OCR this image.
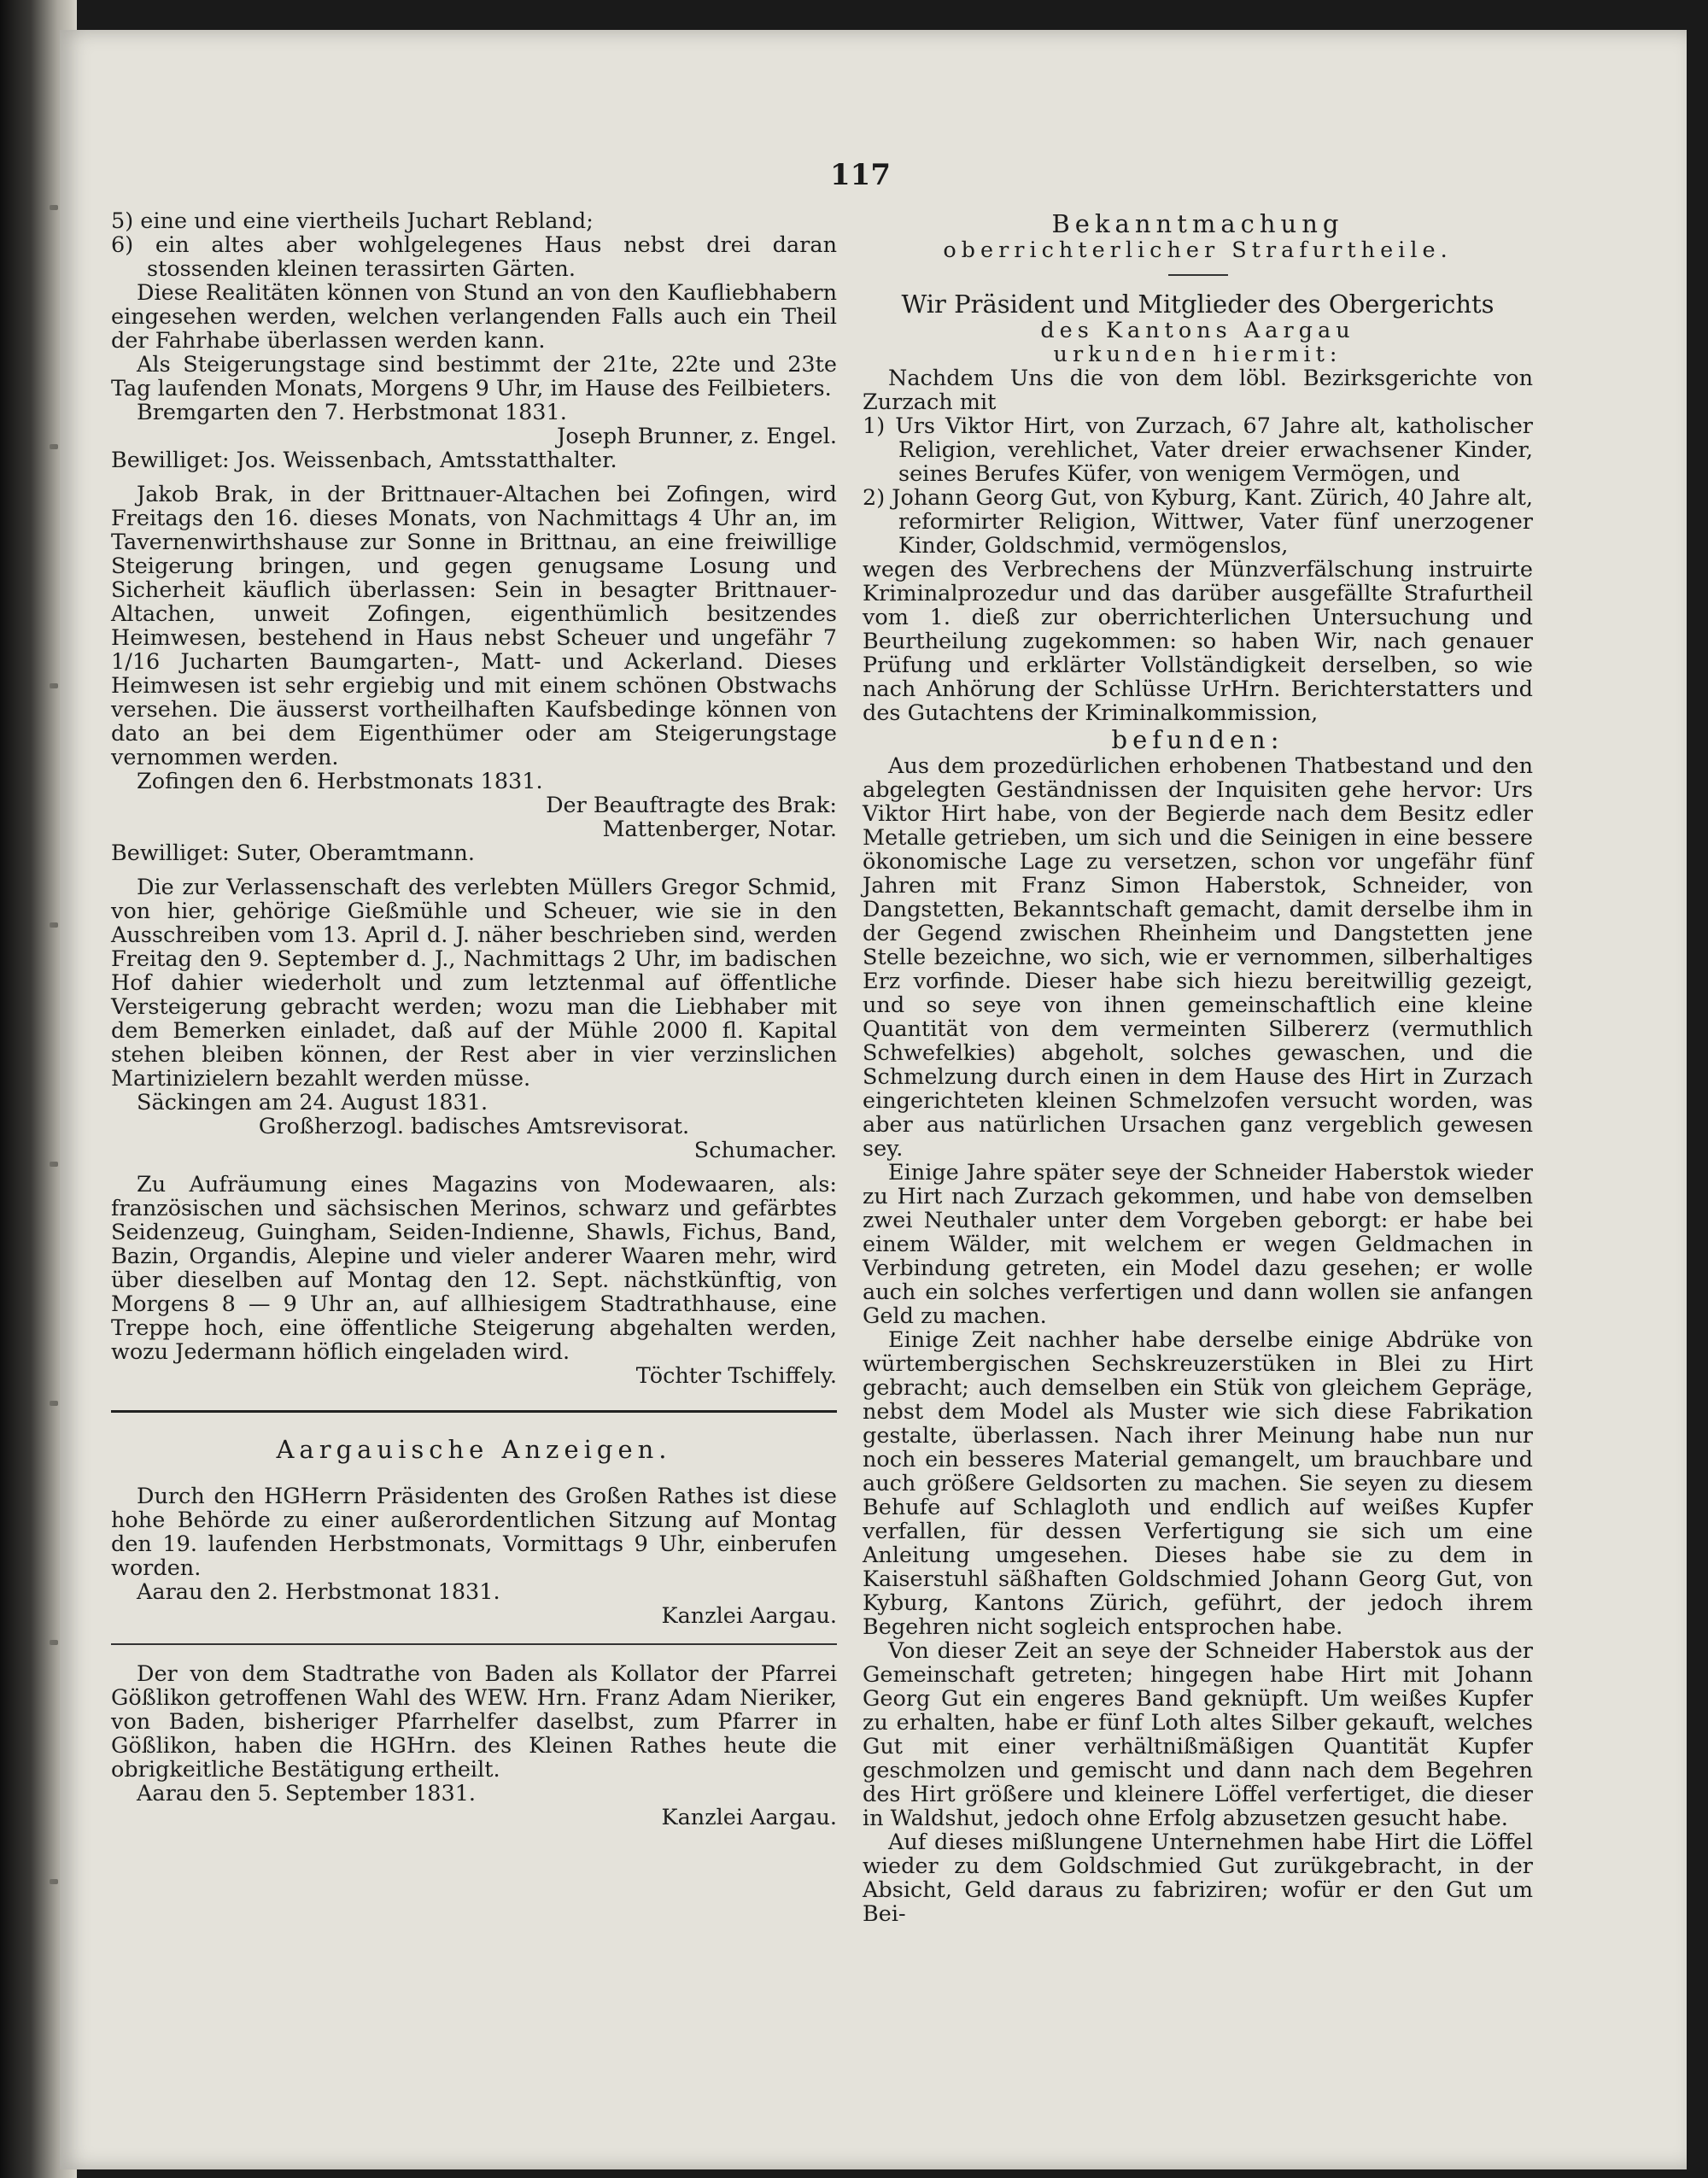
117

5) eine und eine viertheils Juchart Rebland;

6) ein altes aber wohlgelegenes Haus nebst drei daran stossenden kleinen terassirten Gärten.

Diese Realitäten können von Stund an von den Kaufliebhabern eingesehen werden, welchen verlangenden Falls auch ein Theil der Fahrhabe überlassen werden kann.

Als Steigerungstage sind bestimmt der 21te, 22te und 23te Tag laufenden Monats, Morgens 9 Uhr, im Hause des Feilbieters.

Bremgarten den 7. Herbstmonat 1831.

Joseph Brunner, z. Engel.

Bewilliget: Jos. Weissenbach, Amtsstatthalter.

Jakob Brak, in der Brittnauer-Altachen bei Zofingen, wird Freitags den 16. dieses Monats, von Nachmittags 4 Uhr an, im Tavernenwirthshause zur Sonne in Brittnau, an eine freiwillige Steigerung bringen, und gegen genugsame Losung und Sicherheit käuflich überlassen: Sein in besagter Brittnauer-Altachen, unweit Zofingen, eigenthümlich besitzendes Heimwesen, bestehend in Haus nebst Scheuer und ungefähr 7 1/16 Jucharten Baumgarten-, Matt- und Ackerland. Dieses Heimwesen ist sehr ergiebig und mit einem schönen Obstwachs versehen. Die äusserst vortheilhaften Kaufsbedinge können von dato an bei dem Eigenthümer oder am Steigerungstage vernommen werden.

Zofingen den 6. Herbstmonats 1831.

Der Beauftragte des Brak:

Mattenberger, Notar.

Bewilliget: Suter, Oberamtmann.

Die zur Verlassenschaft des verlebten Müllers Gregor Schmid, von hier, gehörige Gießmühle und Scheuer, wie sie in den Ausschreiben vom 13. April d. J. näher beschrieben sind, werden Freitag den 9. September d. J., Nachmittags 2 Uhr, im badischen Hof dahier wiederholt und zum letztenmal auf öffentliche Versteigerung gebracht werden; wozu man die Liebhaber mit dem Bemerken einladet, daß auf der Mühle 2000 fl. Kapital stehen bleiben können, der Rest aber in vier verzinslichen Martinizielern bezahlt werden müsse.

Säckingen am 24. August 1831.

Großherzogl. badisches Amtsrevisorat.

Schumacher.

Zu Aufräumung eines Magazins von Modewaaren, als: französischen und sächsischen Merinos, schwarz und gefärbtes Seidenzeug, Guingham, Seiden-Indienne, Shawls, Fichus, Band, Bazin, Organdis, Alepine und vieler anderer Waaren mehr, wird über dieselben auf Montag den 12. Sept. nächstkünftig, von Morgens 8 — 9 Uhr an, auf allhiesigem Stadtrathhause, eine Treppe hoch, eine öffentliche Steigerung abgehalten werden, wozu Jedermann höflich eingeladen wird.

Töchter Tschiffely.

Aargauische Anzeigen.

Durch den HGHerrn Präsidenten des Großen Rathes ist diese hohe Behörde zu einer außerordentlichen Sitzung auf Montag den 19. laufenden Herbstmonats, Vormittags 9 Uhr, einberufen worden.

Aarau den 2. Herbstmonat 1831.

Kanzlei Aargau.

Der von dem Stadtrathe von Baden als Kollator der Pfarrei Gößlikon getroffenen Wahl des WEW. Hrn. Franz Adam Nieriker, von Baden, bisheriger Pfarrhelfer daselbst, zum Pfarrer in Gößlikon, haben die HGHrn. des Kleinen Rathes heute die obrigkeitliche Bestätigung ertheilt.

Aarau den 5. September 1831.

Kanzlei Aargau.

Bekanntmachung

oberrichterlicher Strafurtheile.

Wir Präsident und Mitglieder des Obergerichts

des Kantons Aargau

urkunden hiermit:

Nachdem Uns die von dem löbl. Bezirksgerichte von Zurzach mit

1) Urs Viktor Hirt, von Zurzach, 67 Jahre alt, katholischer Religion, verehlichet, Vater dreier erwachsener Kinder, seines Berufes Küfer, von wenigem Vermögen, und

2) Johann Georg Gut, von Kyburg, Kant. Zürich, 40 Jahre alt, reformirter Religion, Wittwer, Vater fünf unerzogener Kinder, Goldschmid, vermögenslos,

wegen des Verbrechens der Münzverfälschung instruirte Kriminalprozedur und das darüber ausgefällte Strafurtheil vom 1. dieß zur oberrichterlichen Untersuchung und Beurtheilung zugekommen: so haben Wir, nach genauer Prüfung und erklärter Vollständigkeit derselben, so wie nach Anhörung der Schlüsse UrHrn. Berichterstatters und des Gutachtens der Kriminalkommission,

befunden:

Aus dem prozedürlichen erhobenen Thatbestand und den abgelegten Geständnissen der Inquisiten gehe hervor: Urs Viktor Hirt habe, von der Begierde nach dem Besitz edler Metalle getrieben, um sich und die Seinigen in eine bessere ökonomische Lage zu versetzen, schon vor ungefähr fünf Jahren mit Franz Simon Haberstok, Schneider, von Dangstetten, Bekanntschaft gemacht, damit derselbe ihm in der Gegend zwischen Rheinheim und Dangstetten jene Stelle bezeichne, wo sich, wie er vernommen, silberhaltiges Erz vorfinde. Dieser habe sich hiezu bereitwillig gezeigt, und so seye von ihnen gemeinschaftlich eine kleine Quantität von dem vermeinten Silbererz (vermuthlich Schwefelkies) abgeholt, solches gewaschen, und die Schmelzung durch einen in dem Hause des Hirt in Zurzach eingerichteten kleinen Schmelzofen versucht worden, was aber aus natürlichen Ursachen ganz vergeblich gewesen sey.

Einige Jahre später seye der Schneider Haberstok wieder zu Hirt nach Zurzach gekommen, und habe von demselben zwei Neuthaler unter dem Vorgeben geborgt: er habe bei einem Wälder, mit welchem er wegen Geldmachen in Verbindung getreten, ein Model dazu gesehen; er wolle auch ein solches verfertigen und dann wollen sie anfangen Geld zu machen.

Einige Zeit nachher habe derselbe einige Abdrüke von würtembergischen Sechskreuzerstüken in Blei zu Hirt gebracht; auch demselben ein Stük von gleichem Gepräge, nebst dem Model als Muster wie sich diese Fabrikation gestalte, überlassen. Nach ihrer Meinung habe nun nur noch ein besseres Material gemangelt, um brauchbare und auch größere Geldsorten zu machen. Sie seyen zu diesem Behufe auf Schlagloth und endlich auf weißes Kupfer verfallen, für dessen Verfertigung sie sich um eine Anleitung umgesehen. Dieses habe sie zu dem in Kaiserstuhl säßhaften Goldschmied Johann Georg Gut, von Kyburg, Kantons Zürich, geführt, der jedoch ihrem Begehren nicht sogleich entsprochen habe.

Von dieser Zeit an seye der Schneider Haberstok aus der Gemeinschaft getreten; hingegen habe Hirt mit Johann Georg Gut ein engeres Band geknüpft. Um weißes Kupfer zu erhalten, habe er fünf Loth altes Silber gekauft, welches Gut mit einer verhältnißmäßigen Quantität Kupfer geschmolzen und gemischt und dann nach dem Begehren des Hirt größere und kleinere Löffel verfertiget, die dieser in Waldshut, jedoch ohne Erfolg abzusetzen gesucht habe.

Auf dieses mißlungene Unternehmen habe Hirt die Löffel wieder zu dem Goldschmied Gut zurükgebracht, in der Absicht, Geld daraus zu fabriziren; wofür er den Gut um Bei-
